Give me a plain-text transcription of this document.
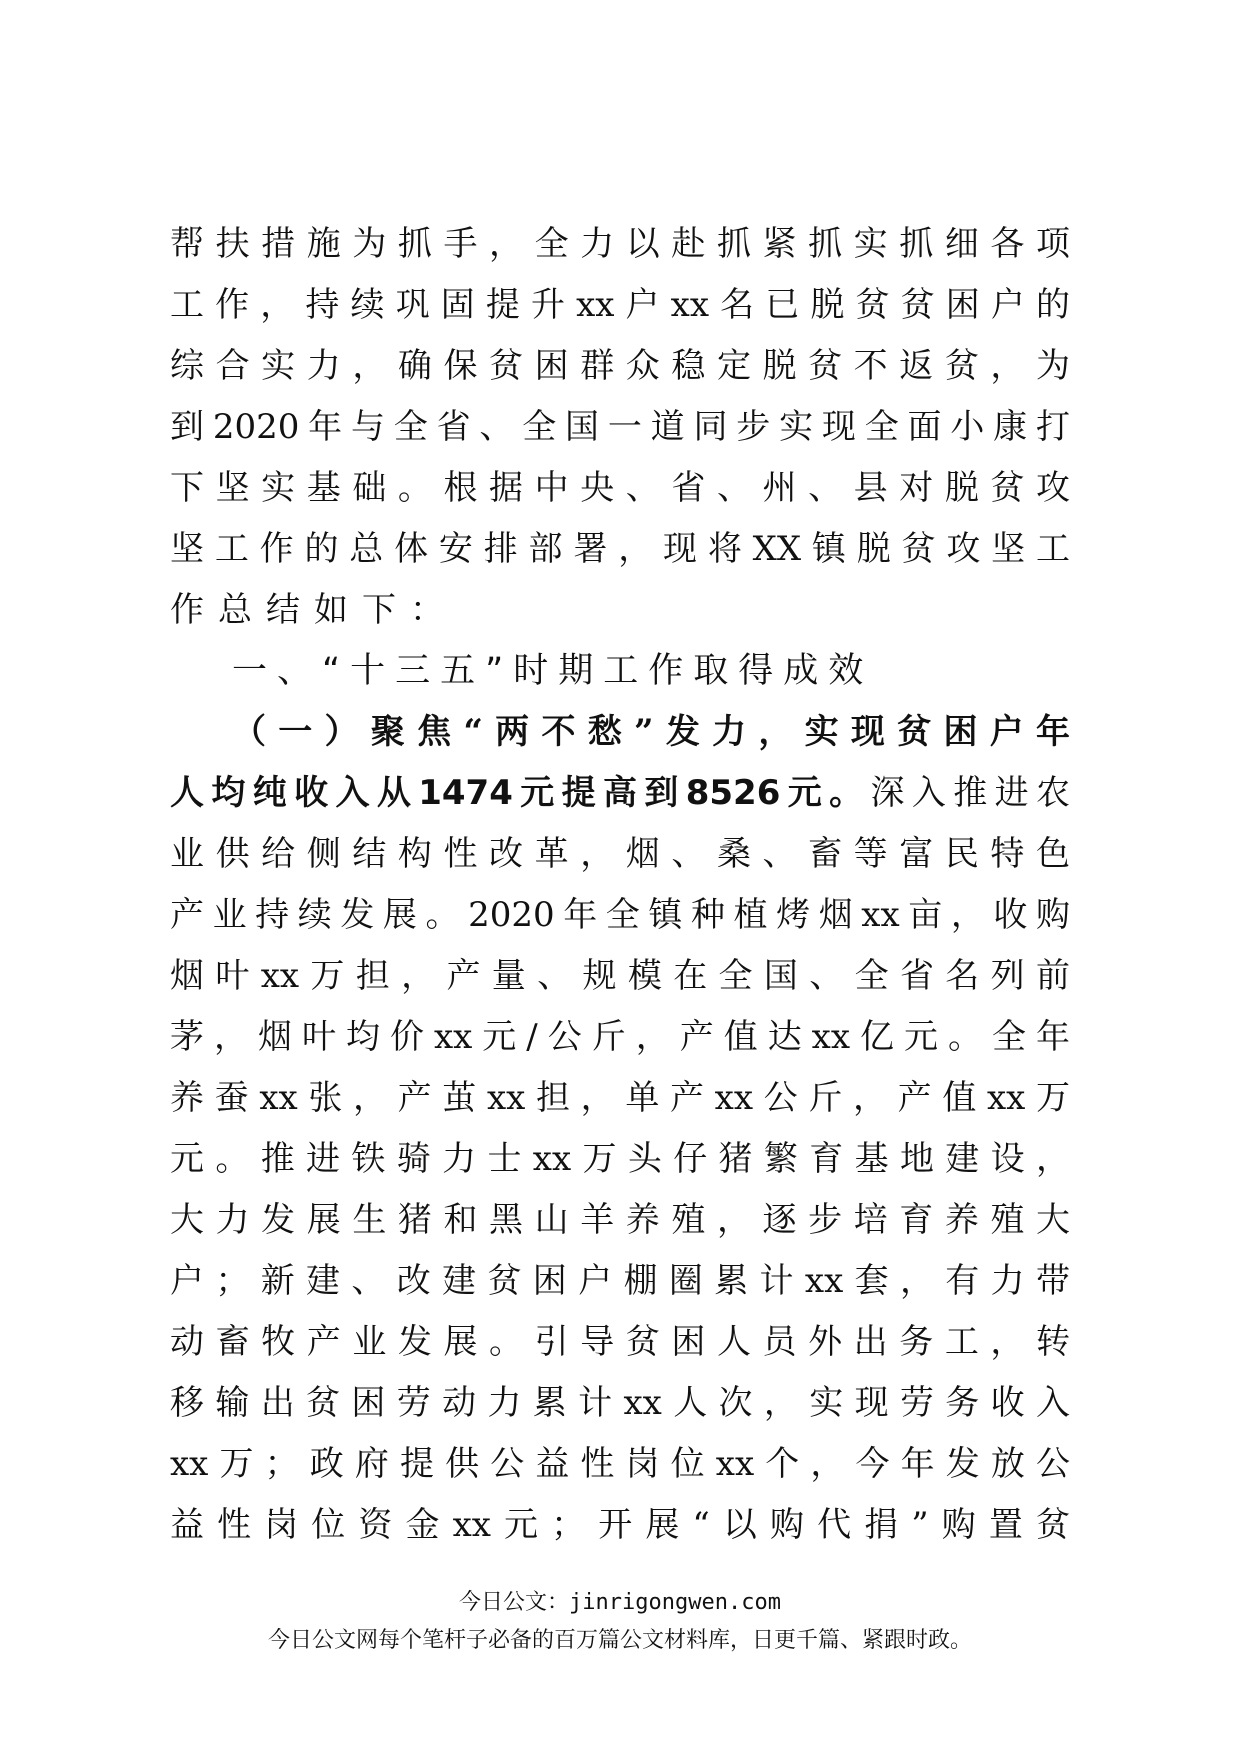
帮扶措施为抓手，全力以赴抓紧抓实抓细各项
工作，持续巩固提升xx户xx名已脱贫贫困户的
综合实力，确保贫困群众稳定脱贫不返贫，为
到2020年与全省、全国一道同步实现全面小康打
下坚实基础。根据中央、省、州、县对脱贫攻
坚工作的总体安排部署，现将XX镇脱贫攻坚工
作总结如下：
一、“十三五”时期工作取得成效
（一）聚焦“两不愁”发力，实现贫困户年
人均纯收入从1474元提高到8526元。深入推进农
业供给侧结构性改革，烟、桑、畜等富民特色
产业持续发展。2020年全镇种植烤烟xx亩，收购
烟叶xx万担，产量、规模在全国、全省名列前
茅，烟叶均价xx元/公斤，产值达xx亿元。全年
养蚕xx张，产茧xx担，单产xx公斤，产值xx万
元。推进铁骑力士xx万头仔猪繁育基地建设，
大力发展生猪和黑山羊养殖，逐步培育养殖大
户；新建、改建贫困户棚圈累计xx套，有力带
动畜牧产业发展。引导贫困人员外出务工，转
移输出贫困劳动力累计xx人次，实现劳务收入
xx万；政府提供公益性岗位xx个，今年发放公
益性岗位资金xx元；开展“以购代捐”购置贫
今日公文：jinrigongwen.com
今日公文网每个笔杆子必备的百万篇公文材料库，日更千篇、紧跟时政。
